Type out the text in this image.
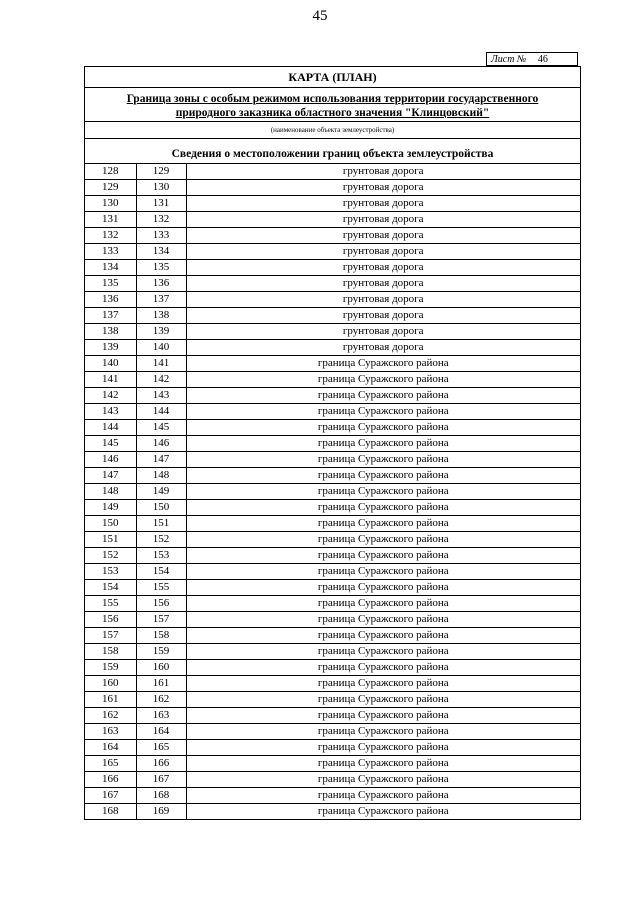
45
Лист № 46
КАРТА (ПЛАН)
Граница зоны с особым режимом использования территории государственного
природного заказника областного значения "Клинцовский"
(наименование объекта землеустройства)
Сведения о местоположении границ объекта землеустройства
128	129	грунтовая дорога
129	130	грунтовая дорога
130	131	грунтовая дорога
131	132	грунтовая дорога
132	133	грунтовая дорога
133	134	грунтовая дорога
134	135	грунтовая дорога
135	136	грунтовая дорога
136	137	грунтовая дорога
137	138	грунтовая дорога
138	139	грунтовая дорога
139	140	грунтовая дорога
140	141	граница Суражского района
141	142	граница Суражского района
142	143	граница Суражского района
143	144	граница Суражского района
144	145	граница Суражского района
145	146	граница Суражского района
146	147	граница Суражского района
147	148	граница Суражского района
148	149	граница Суражского района
149	150	граница Суражского района
150	151	граница Суражского района
151	152	граница Суражского района
152	153	граница Суражского района
153	154	граница Суражского района
154	155	граница Суражского района
155	156	граница Суражского района
156	157	граница Суражского района
157	158	граница Суражского района
158	159	граница Суражского района
159	160	граница Суражского района
160	161	граница Суражского района
161	162	граница Суражского района
162	163	граница Суражского района
163	164	граница Суражского района
164	165	граница Суражского района
165	166	граница Суражского района
166	167	граница Суражского района
167	168	граница Суражского района
168	169	граница Суражского района
